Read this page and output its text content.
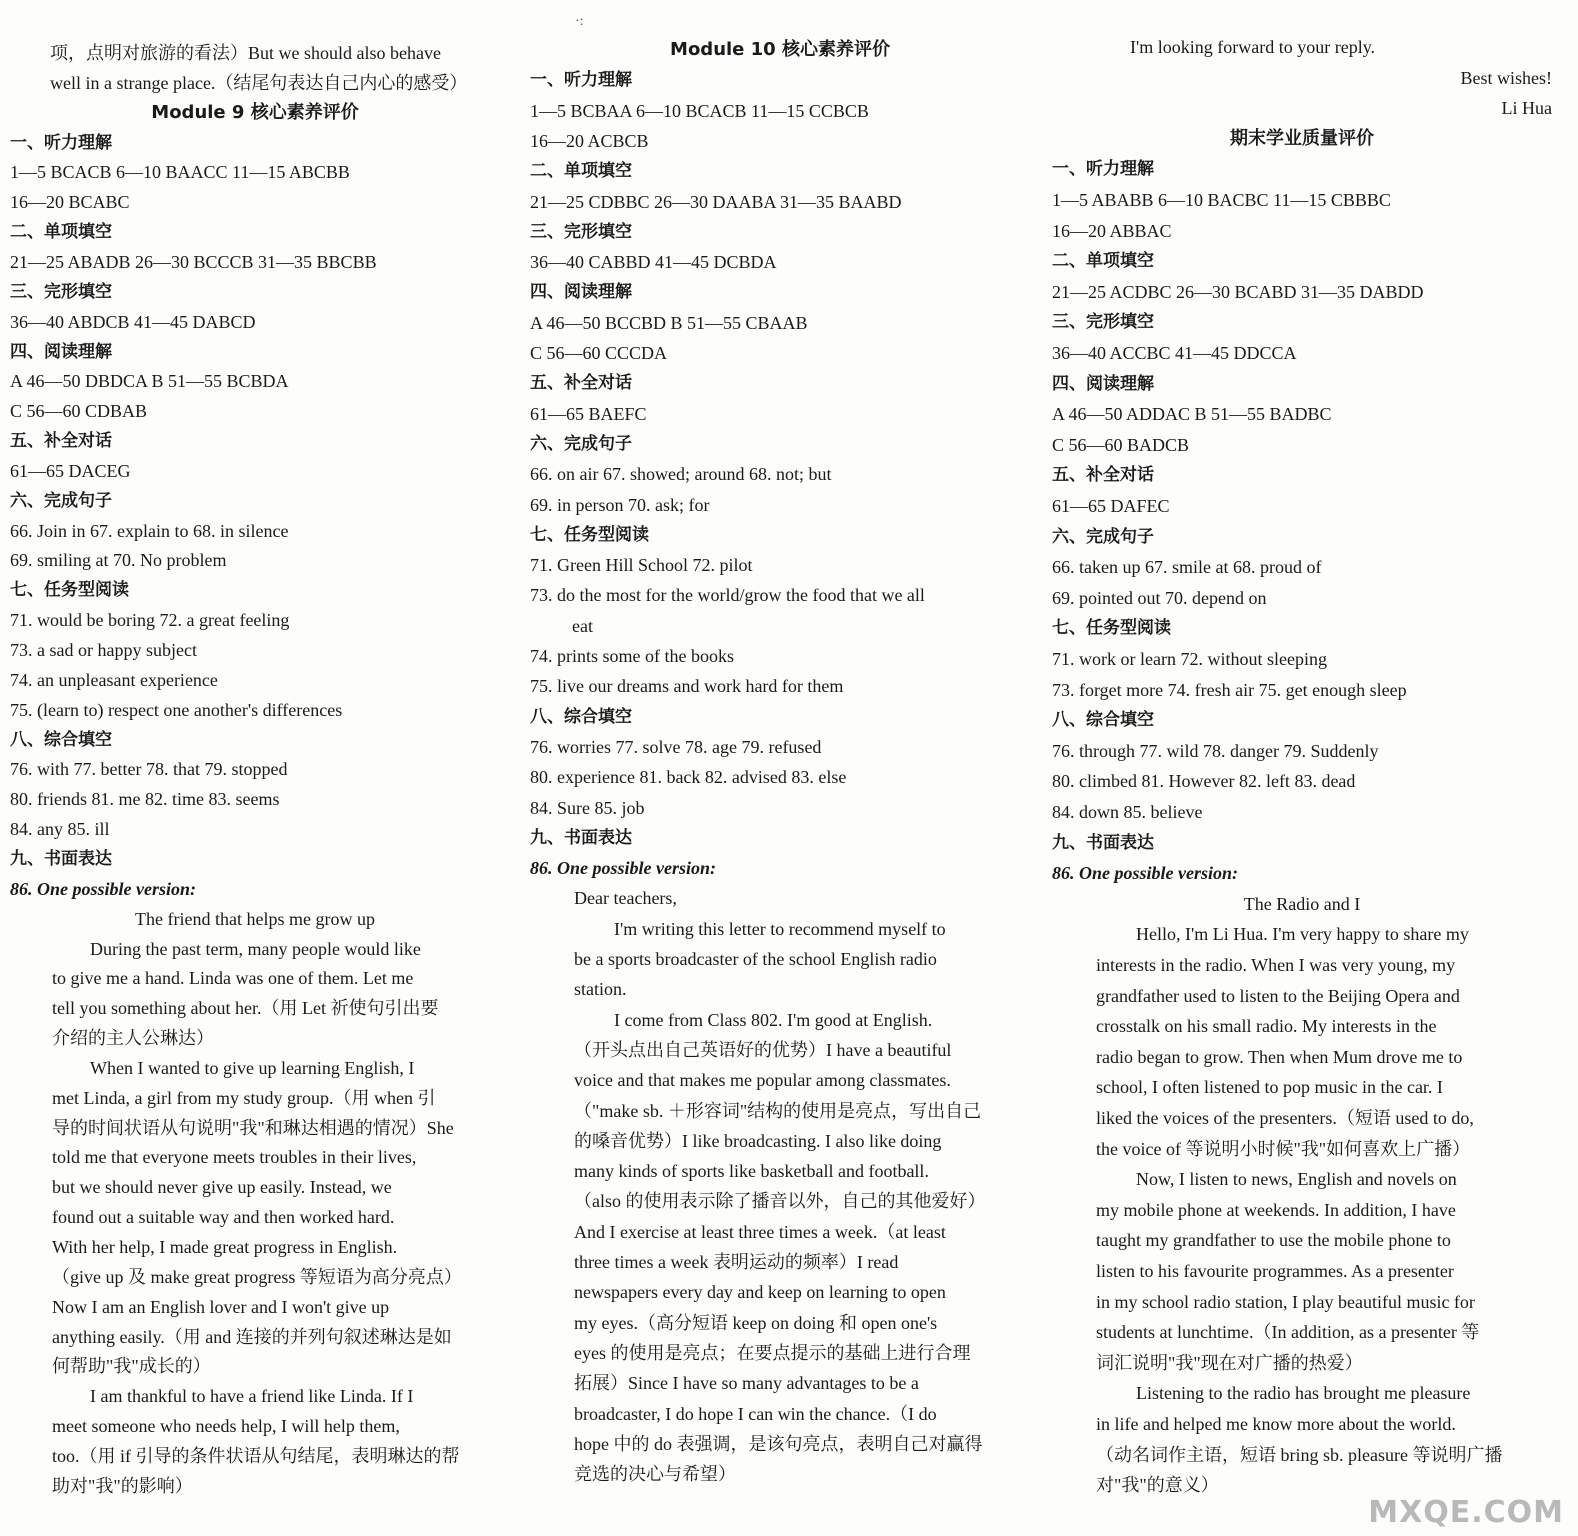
·:
项，点明对旅游的看法）But we should also behave
well in a strange place.（结尾句表达自己内心的感受）
Module 9 核心素养评价
一、听力理解
1—5 BCACB 6—10 BAACC 11—15 ABCBB
16—20 BCABC
二、单项填空
21—25 ABADB 26—30 BCCCB 31—35 BBCBB
三、完形填空
36—40 ABDCB 41—45 DABCD
四、阅读理解
A 46—50 DBDCA B 51—55 BCBDA
C 56—60 CDBAB
五、补全对话
61—65 DACEG
六、完成句子
66. Join in 67. explain to 68. in silence
69. smiling at 70. No problem
七、任务型阅读
71. would be boring 72. a great feeling
73. a sad or happy subject
74. an unpleasant experience
75. (learn to) respect one another's differences
八、综合填空
76. with 77. better 78. that 79. stopped
80. friends 81. me 82. time 83. seems
84. any 85. ill
九、书面表达
86. One possible version:
The friend that helps me grow up
During the past term, many people would like
to give me a hand. Linda was one of them. Let me
tell you something about her.（用 Let 祈使句引出要
介绍的主人公琳达）
When I wanted to give up learning English, I
met Linda, a girl from my study group.（用 when 引
导的时间状语从句说明"我"和琳达相遇的情况）She
told me that everyone meets troubles in their lives,
but we should never give up easily. Instead, we
found out a suitable way and then worked hard.
With her help, I made great progress in English.
（give up 及 make great progress 等短语为高分亮点）
Now I am an English lover and I won't give up
anything easily.（用 and 连接的并列句叙述琳达是如
何帮助"我"成长的）
I am thankful to have a friend like Linda. If I
meet someone who needs help, I will help them,
too.（用 if 引导的条件状语从句结尾，表明琳达的帮
助对"我"的影响）
Module 10 核心素养评价
一、听力理解
1—5 BCBAA 6—10 BCACB 11—15 CCBCB
16—20 ACBCB
二、单项填空
21—25 CDBBC 26—30 DAABA 31—35 BAABD
三、完形填空
36—40 CABBD 41—45 DCBDA
四、阅读理解
A 46—50 BCCBD B 51—55 CBAAB
C 56—60 CCCDA
五、补全对话
61—65 BAEFC
六、完成句子
66. on air 67. showed; around 68. not; but
69. in person 70. ask; for
七、任务型阅读
71. Green Hill School 72. pilot
73. do the most for the world/grow the food that we all
eat
74. prints some of the books
75. live our dreams and work hard for them
八、综合填空
76. worries 77. solve 78. age 79. refused
80. experience 81. back 82. advised 83. else
84. Sure 85. job
九、书面表达
86. One possible version:
Dear teachers,
I'm writing this letter to recommend myself to
be a sports broadcaster of the school English radio
station.
I come from Class 802. I'm good at English.
（开头点出自己英语好的优势）I have a beautiful
voice and that makes me popular among classmates.
（"make sb. ＋形容词"结构的使用是亮点，写出自己
的嗓音优势）I like broadcasting. I also like doing
many kinds of sports like basketball and football.
（also 的使用表示除了播音以外，自己的其他爱好）
And I exercise at least three times a week.（at least
three times a week 表明运动的频率）I read
newspapers every day and keep on learning to open
my eyes.（高分短语 keep on doing 和 open one's
eyes 的使用是亮点；在要点提示的基础上进行合理
拓展）Since I have so many advantages to be a
broadcaster, I do hope I can win the chance.（I do
hope 中的 do 表强调，是该句亮点，表明自己对赢得
竞选的决心与希望）
I'm looking forward to your reply.
Best wishes!
Li Hua
期末学业质量评价
一、听力理解
1—5 ABABB 6—10 BACBC 11—15 CBBBC
16—20 ABBAC
二、单项填空
21—25 ACDBC 26—30 BCABD 31—35 DABDD
三、完形填空
36—40 ACCBC 41—45 DDCCA
四、阅读理解
A 46—50 ADDAC B 51—55 BADBC
C 56—60 BADCB
五、补全对话
61—65 DAFEC
六、完成句子
66. taken up 67. smile at 68. proud of
69. pointed out 70. depend on
七、任务型阅读
71. work or learn 72. without sleeping
73. forget more 74. fresh air 75. get enough sleep
八、综合填空
76. through 77. wild 78. danger 79. Suddenly
80. climbed 81. However 82. left 83. dead
84. down 85. believe
九、书面表达
86. One possible version:
The Radio and I
Hello, I'm Li Hua. I'm very happy to share my
interests in the radio. When I was very young, my
grandfather used to listen to the Beijing Opera and
crosstalk on his small radio. My interests in the
radio began to grow. Then when Mum drove me to
school, I often listened to pop music in the car. I
liked the voices of the presenters.（短语 used to do,
the voice of 等说明小时候"我"如何喜欢上广播）
Now, I listen to news, English and novels on
my mobile phone at weekends. In addition, I have
taught my grandfather to use the mobile phone to
listen to his favourite programmes. As a presenter
in my school radio station, I play beautiful music for
students at lunchtime.（In addition, as a presenter 等
词汇说明"我"现在对广播的热爱）
Listening to the radio has brought me pleasure
in life and helped me know more about the world.
（动名词作主语，短语 bring sb. pleasure 等说明广播
对"我"的意义）
MXQE.COM
